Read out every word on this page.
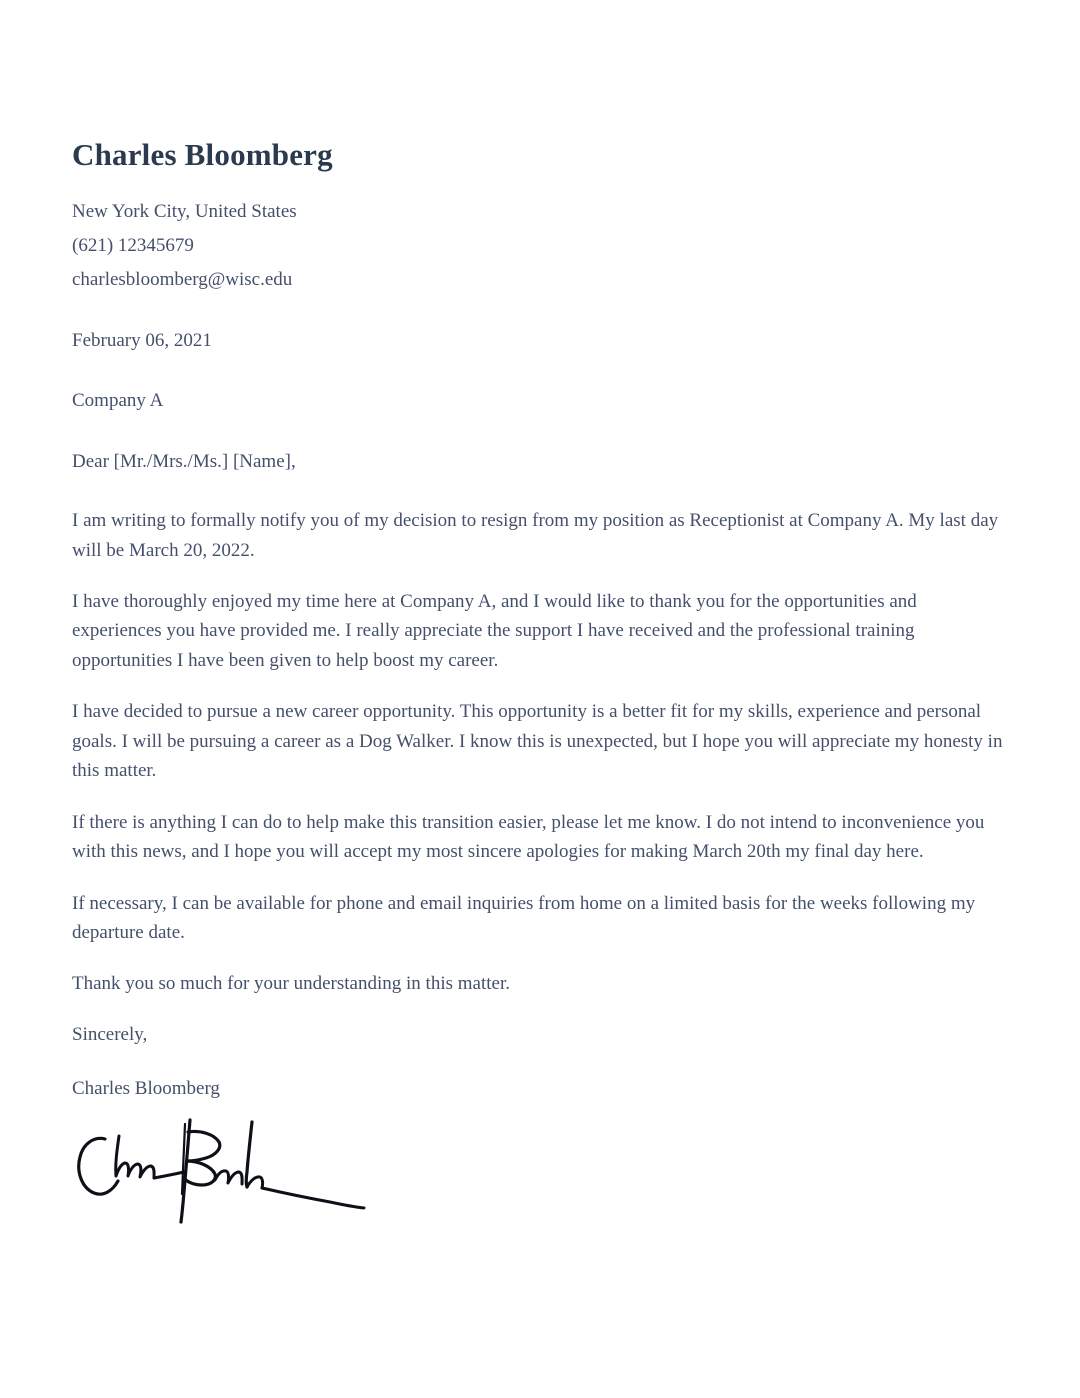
Charles Bloomberg

New York City, United States

(621) 12345679

charlesbloomberg@wisc.edu

February 06, 2021

Company A

Dear [Mr./Mrs./Ms.] [Name],

I am writing to formally notify you of my decision to resign from my position as Receptionist at Company A. My last day will be March 20, 2022.

I have thoroughly enjoyed my time here at Company A, and I would like to thank you for the opportunities and experiences you have provided me. I really appreciate the support I have received and the professional training opportunities I have been given to help boost my career.

I have decided to pursue a new career opportunity. This opportunity is a better fit for my skills, experience and personal goals. I will be pursuing a career as a Dog Walker. I know this is unexpected, but I hope you will appreciate my honesty in this matter.

If there is anything I can do to help make this transition easier, please let me know. I do not intend to inconvenience you with this news, and I hope you will accept my most sincere apologies for making March 20th my final day here.

If necessary, I can be available for phone and email inquiries from home on a limited basis for the weeks following my departure date.

Thank you so much for your understanding in this matter.

Sincerely,

Charles Bloomberg
